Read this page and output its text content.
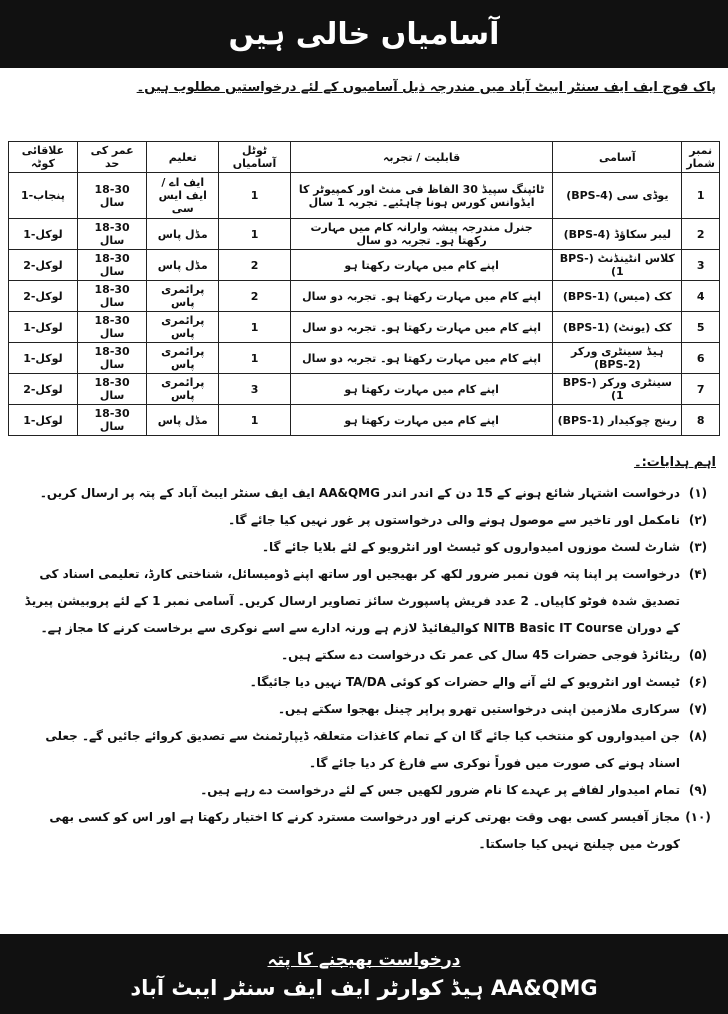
آسامیاں خالی ہیں
پاک فوج ایف ایف سنٹر ایبٹ آباد میں مندرجہ ذیل آسامیوں کے لئے درخواستیں مطلوب ہیں۔
نمبر شمار	آسامی	قابلیت / تجربہ	ٹوٹل آسامیاں	تعلیم	عمر کی حد	علاقائی کوٹہ
1	یوڈی سی (BPS-4)	ٹائپنگ سپیڈ 30 الفاظ فی منٹ اور کمپیوٹر کا ایڈوانس کورس ہونا چاہئیے۔ تجربہ 1 سال	1	ایف اے / ایف ایس سی	18-30 سال	پنجاب-1
2	لیبر سکاؤڈ (BPS-4)	جنرل مندرجہ پیشہ وارانہ کام میں مہارت رکھتا ہو۔ تجربہ دو سال	1	مڈل پاس	18-30 سال	لوکل-1
3	کلاس انٹینڈنٹ (BPS-1)	اپنے کام میں مہارت رکھتا ہو	2	مڈل پاس	18-30 سال	لوکل-2
4	کک (میس) (BPS-1)	اپنے کام میں مہارت رکھتا ہو۔ تجربہ دو سال	2	پرائمری پاس	18-30 سال	لوکل-2
5	کک (یونٹ) (BPS-1)	اپنے کام میں مہارت رکھتا ہو۔ تجربہ دو سال	1	پرائمری پاس	18-30 سال	لوکل-1
6	ہیڈ سینٹری ورکر (BPS-2)	اپنے کام میں مہارت رکھتا ہو۔ تجربہ دو سال	1	پرائمری پاس	18-30 سال	لوکل-1
7	سینٹری ورکر (BPS-1)	اپنے کام میں مہارت رکھتا ہو	3	پرائمری پاس	18-30 سال	لوکل-2
8	رینج چوکیدار (BPS-1)	اپنے کام میں مہارت رکھتا ہو	1	مڈل پاس	18-30 سال	لوکل-1
اہم ہدایات:۔
(۱)
درخواست اشتہار شائع ہونے کے 15 دن کے اندر اندر AA&QMG ایف ایف سنٹر ایبٹ آباد کے پتہ پر ارسال کریں۔
(۲)
نامکمل اور تاخیر سے موصول ہونے والی درخواستوں پر غور نہیں کیا جائے گا۔
(۳)
شارٹ لسٹ موزوں امیدواروں کو ٹیسٹ اور انٹرویو کے لئے بلایا جائے گا۔
(۴)
درخواست پر اپنا پتہ فون نمبر ضرور لکھ کر بھیجیں اور ساتھ اپنے ڈومیسائل، شناختی کارڈ، تعلیمی اسناد کی تصدیق شدہ فوٹو کاپیاں۔ 2 عدد فریش پاسپورٹ سائز تصاویر ارسال کریں۔ آسامی نمبر 1 کے لئے پروبیشن پیریڈ کے دوران NITB Basic IT Course کوالیفائیڈ لازم ہے ورنہ ادارے سے اسے نوکری سے برخاست کرنے کا مجاز ہے۔
(۵)
ریٹائرڈ فوجی حضرات 45 سال کی عمر تک درخواست دے سکتے ہیں۔
(۶)
ٹیسٹ اور انٹرویو کے لئے آنے والے حضرات کو کوئی TA/DA نہیں دیا جائیگا۔
(۷)
سرکاری ملازمین اپنی درخواستیں تھرو پراپر چینل بھجوا سکتے ہیں۔
(۸)
جن امیدواروں کو منتخب کیا جائے گا ان کے تمام کاغذات متعلقہ ڈیپارٹمنٹ سے تصدیق کروائے جائیں گے۔ جعلی اسناد ہونے کی صورت میں فوراً نوکری سے فارغ کر دیا جائے گا۔
(۹)
تمام امیدوار لفافے پر عہدے کا نام ضرور لکھیں جس کے لئے درخواست دے رہے ہیں۔
(۱۰)
مجاز آفیسر کسی بھی وقت بھرتی کرنے اور درخواست مسترد کرنے کا اختیار رکھتا ہے اور اس کو کسی بھی کورٹ میں چیلنج نہیں کیا جاسکتا۔
درخواست بھیجنے کا پتہ
AA&QMG ہیڈ کوارٹر ایف ایف سنٹر ایبٹ آباد
